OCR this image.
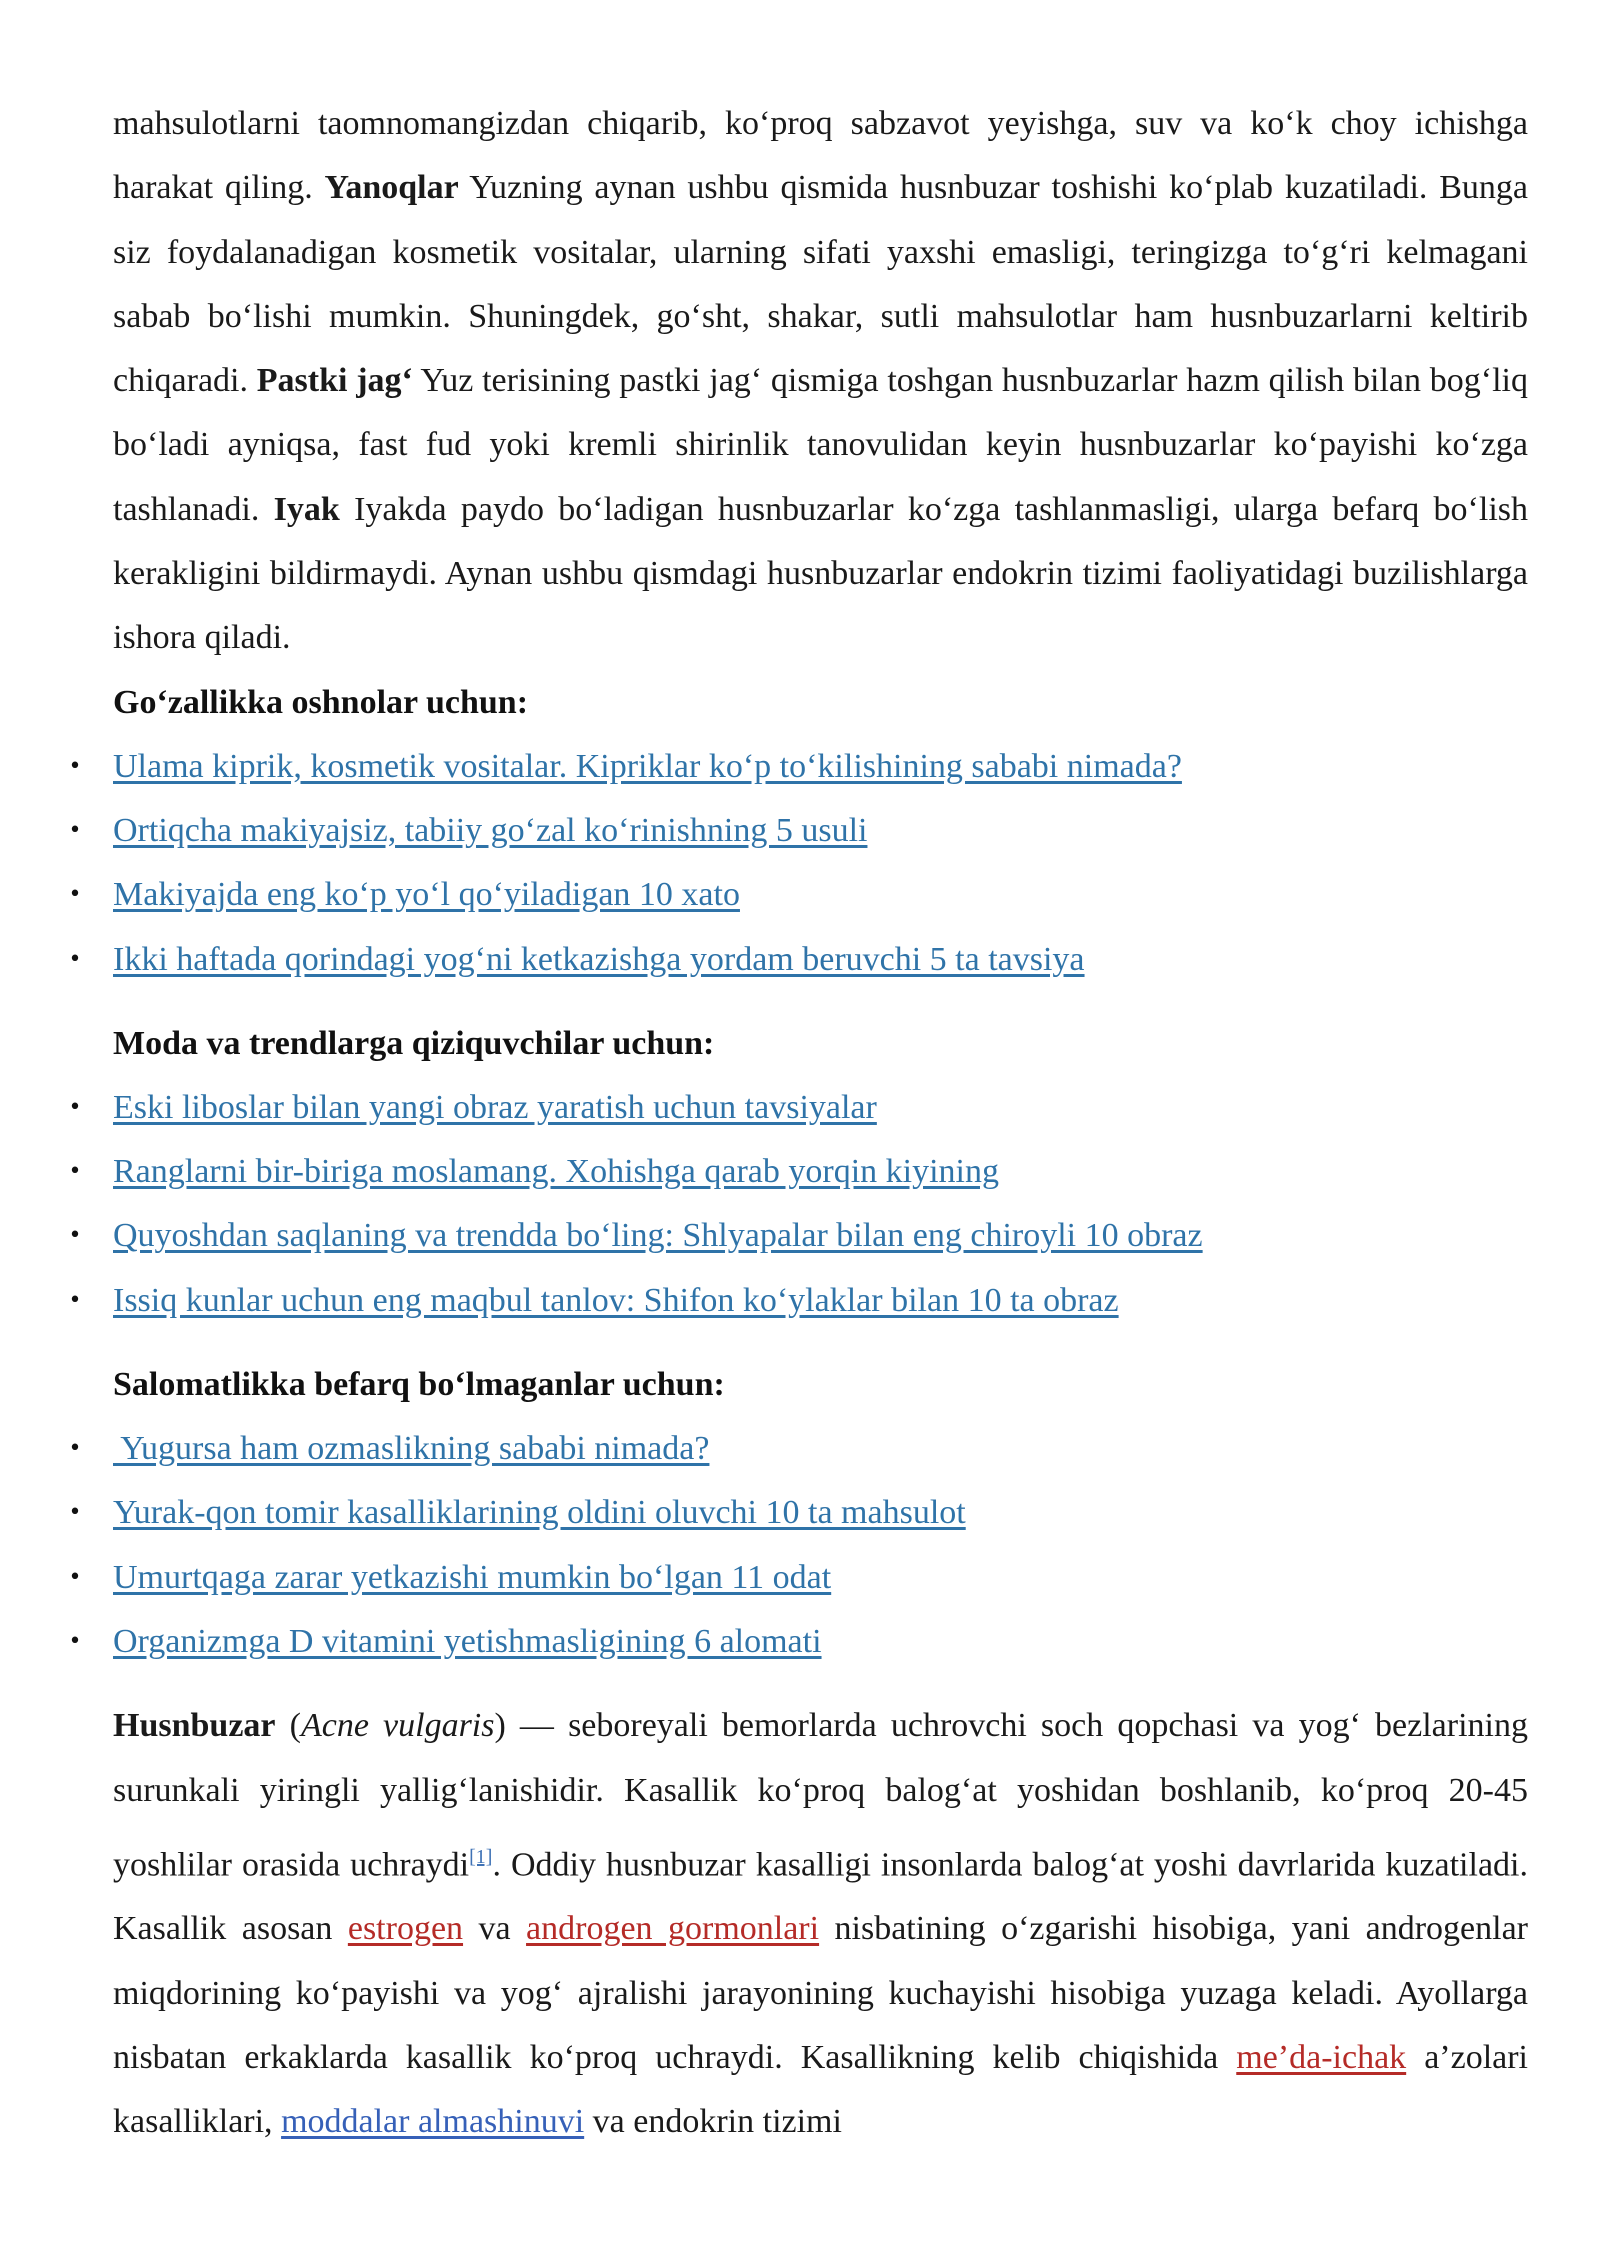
mahsulotlarni taomnomangizdan chiqarib, ko‘proq sabzavot yeyishga, suv va ko‘k choy ichishga harakat qiling. Yanoqlar Yuzning aynan ushbu qismida husnbuzar toshishi ko‘plab kuzatiladi. Bunga siz foydalanadigan kosmetik vositalar, ularning sifati yaxshi emasligi, teringizga to‘g‘ri kelmagani sabab bo‘lishi mumkin. Shuningdek, go‘sht, shakar, sutli mahsulotlar ham husnbuzarlarni keltirib chiqaradi. Pastki jag‘ Yuz terisining pastki jag‘ qismiga toshgan husnbuzarlar hazm qilish bilan bog‘liq bo‘ladi ayniqsa, fast fud yoki kremli shirinlik tanovulidan keyin husnbuzarlar ko‘payishi ko‘zga tashlanadi. Iyak Iyakda paydo bo‘ladigan husnbuzarlar ko‘zga tashlanmasligi, ularga befarq bo‘lish kerakligini bildirmaydi. Aynan ushbu qismdagi husnbuzarlar endokrin tizimi faoliyatidagi buzilishlarga ishora qiladi.

Go‘zallikka oshnolar uchun:
• Ulama kiprik, kosmetik vositalar. Kipriklar ko‘p to‘kilishining sababi nimada?
• Ortiqcha makiyajsiz, tabiiy go‘zal ko‘rinishning 5 usuli
• Makiyajda eng ko‘p yo‘l qo‘yiladigan 10 xato
• Ikki haftada qorindagi yog‘ni ketkazishga yordam beruvchi 5 ta tavsiya
Moda va trendlarga qiziquvchilar uchun:
• Eski liboslar bilan yangi obraz yaratish uchun tavsiyalar
• Ranglarni bir-biriga moslamang. Xohishga qarab yorqin kiyining
• Quyoshdan saqlaning va trendda bo‘ling: Shlyapalar bilan eng chiroyli 10 obraz
• Issiq kunlar uchun eng maqbul tanlov: Shifon ko‘ylaklar bilan 10 ta obraz
Salomatlikka befarq bo‘lmaganlar uchun:
• Yugursa ham ozmaslikning sababi nimada?
• Yurak-qon tomir kasalliklarining oldini oluvchi 10 ta mahsulot
• Umurtqaga zarar yetkazishi mumkin bo‘lgan 11 odat
• Organizmga D vitamini yetishmasligining 6 alomati

Husnbuzar (Acne vulgaris) — seboreyali bemorlarda uchrovchi soch qopchasi va yog‘ bezlarining surunkali yiringli yallig‘lanishidir. Kasallik ko‘proq balog‘at yoshidan boshlanib, ko‘proq 20-45 yoshlilar orasida uchraydi[1]. Oddiy husnbuzar kasalligi insonlarda balog‘at yoshi davrlarida kuzatiladi. Kasallik asosan estrogen va androgen gormonlari nisbatining o‘zgarishi hisobiga, yani androgenlar miqdorining ko‘payishi va yog‘ ajralishi jarayonining kuchayishi hisobiga yuzaga keladi. Ayollarga nisbatan erkaklarda kasallik ko‘proq uchraydi. Kasallikning kelib chiqishida me’da-ichak a’zolari kasalliklari, moddalar almashinuvi va endokrin tizimi
